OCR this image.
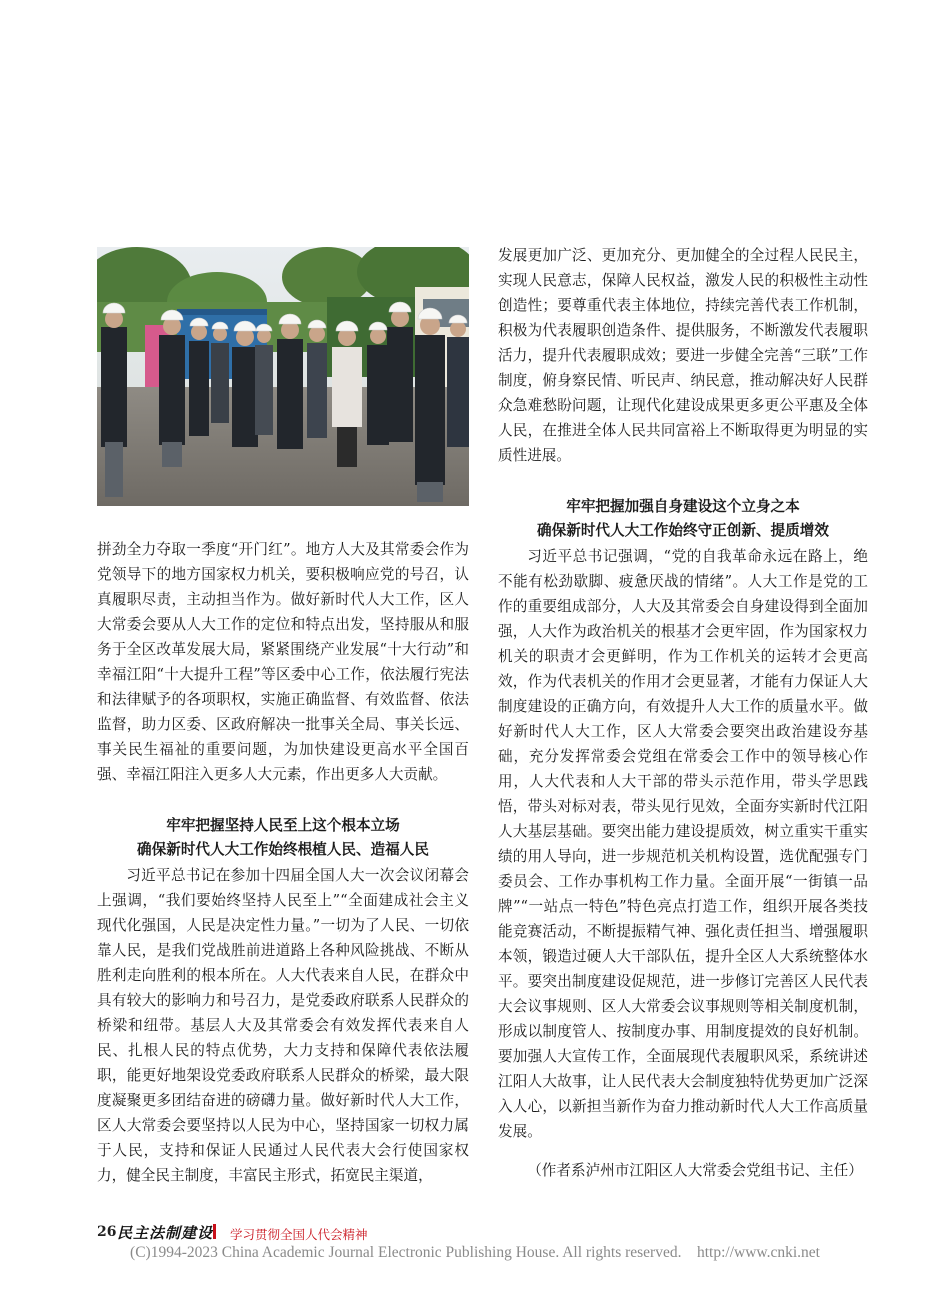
拼劲全力夺取一季度“开门红”。地方人大及其常委会作为党领导下的地方国家权力机关，要积极响应党的号召，认真履职尽责，主动担当作为。做好新时代人大工作，区人大常委会要从人大工作的定位和特点出发，坚持服从和服务于全区改革发展大局，紧紧围绕产业发展“十大行动”和幸福江阳“十大提升工程”等区委中心工作，依法履行宪法和法律赋予的各项职权，实施正确监督、有效监督、依法监督，助力区委、区政府解决一批事关全局、事关长远、事关民生福祉的重要问题，为加快建设更高水平全国百强、幸福江阳注入更多人大元素，作出更多人大贡献。

牢牢把握坚持人民至上这个根本立场

确保新时代人大工作始终根植人民、造福人民

习近平总书记在参加十四届全国人大一次会议闭幕会上强调，“我们要始终坚持人民至上”“全面建成社会主义现代化强国，人民是决定性力量。”一切为了人民、一切依靠人民，是我们党战胜前进道路上各种风险挑战、不断从胜利走向胜利的根本所在。人大代表来自人民，在群众中具有较大的影响力和号召力，是党委政府联系人民群众的桥梁和纽带。基层人大及其常委会有效发挥代表来自人民、扎根人民的特点优势，大力支持和保障代表依法履职，能更好地架设党委政府联系人民群众的桥梁，最大限度凝聚更多团结奋进的磅礴力量。做好新时代人大工作，区人大常委会要坚持以人民为中心，坚持国家一切权力属于人民，支持和保证人民通过人民代表大会行使国家权力，健全民主制度，丰富民主形式，拓宽民主渠道，

发展更加广泛、更加充分、更加健全的全过程人民民主，实现人民意志，保障人民权益，激发人民的积极性主动性创造性；要尊重代表主体地位，持续完善代表工作机制，积极为代表履职创造条件、提供服务，不断激发代表履职活力，提升代表履职成效；要进一步健全完善“三联”工作制度，俯身察民情、听民声、纳民意，推动解决好人民群众急难愁盼问题，让现代化建设成果更多更公平惠及全体人民，在推进全体人民共同富裕上不断取得更为明显的实质性进展。

牢牢把握加强自身建设这个立身之本

确保新时代人大工作始终守正创新、提质增效

习近平总书记强调，“党的自我革命永远在路上，绝不能有松劲歇脚、疲惫厌战的情绪”。人大工作是党的工作的重要组成部分，人大及其常委会自身建设得到全面加强，人大作为政治机关的根基才会更牢固，作为国家权力机关的职责才会更鲜明，作为工作机关的运转才会更高效，作为代表机关的作用才会更显著，才能有力保证人大制度建设的正确方向，有效提升人大工作的质量水平。做好新时代人大工作，区人大常委会要突出政治建设夯基础，充分发挥常委会党组在常委会工作中的领导核心作用，人大代表和人大干部的带头示范作用，带头学思践悟，带头对标对表，带头见行见效，全面夯实新时代江阳人大基层基础。要突出能力建设提质效，树立重实干重实绩的用人导向，进一步规范机关机构设置，选优配强专门委员会、工作办事机构工作力量。全面开展“一街镇一品牌”“一站点一特色”特色亮点打造工作，组织开展各类技能竞赛活动，不断提振精气神、强化责任担当、增强履职本领，锻造过硬人大干部队伍，提升全区人大系统整体水平。要突出制度建设促规范，进一步修订完善区人民代表大会议事规则、区人大常委会议事规则等相关制度机制，形成以制度管人、按制度办事、用制度提效的良好机制。要加强人大宣传工作，全面展现代表履职风采，系统讲述江阳人大故事，让人民代表大会制度独特优势更加广泛深入人心，以新担当新作为奋力推动新时代人大工作高质量发展。

（作者系泸州市江阳区人大常委会党组书记、主任）

26 民主法制建设 学习贯彻全国人代会精神
(C)1994-2023 China Academic Journal Electronic Publishing House. All rights reserved.    http://www.cnki.net
